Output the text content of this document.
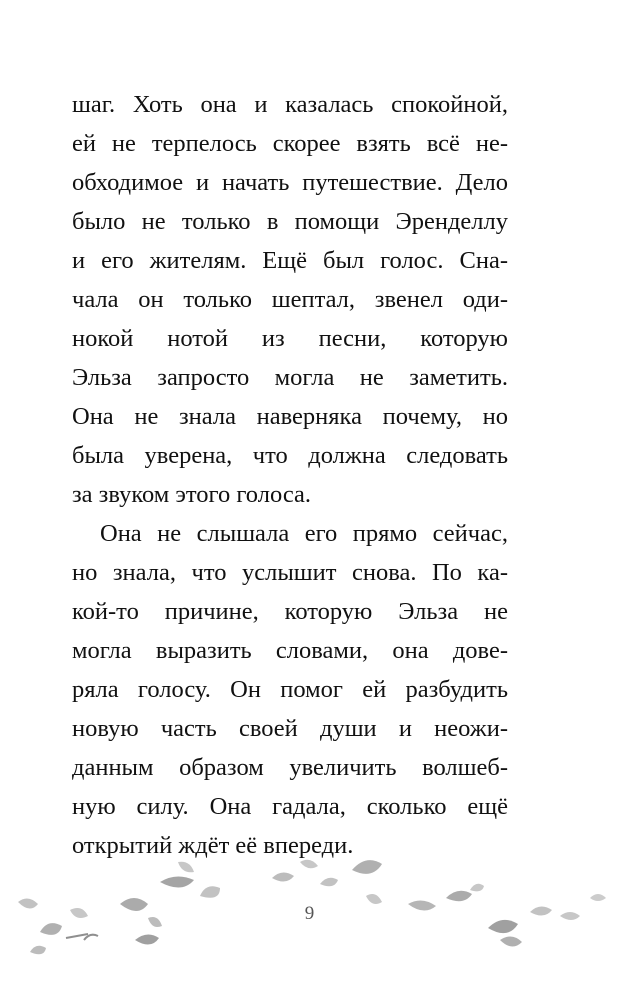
шаг. Хоть она и казалась спокойной,
ей не терпелось скорее взять всё не-
обходимое и начать путешествие. Дело
было не только в помощи Эренделлу
и его жителям. Ещё был голос. Сна-
чала он только шептал, звенел оди-
нокой нотой из песни, которую
Эльза запросто могла не заметить.
Она не знала наверняка почему, но
была уверена, что должна следовать
за звуком этого голоса.
Она не слышала его прямо сейчас,
но знала, что услышит снова. По ка-
кой-то причине, которую Эльза не
могла выразить словами, она дове-
ряла голосу. Он помог ей разбудить
новую часть своей души и неожи-
данным образом увеличить волшеб-
ную силу. Она гадала, сколько ещё
открытий ждёт её впереди.
9
